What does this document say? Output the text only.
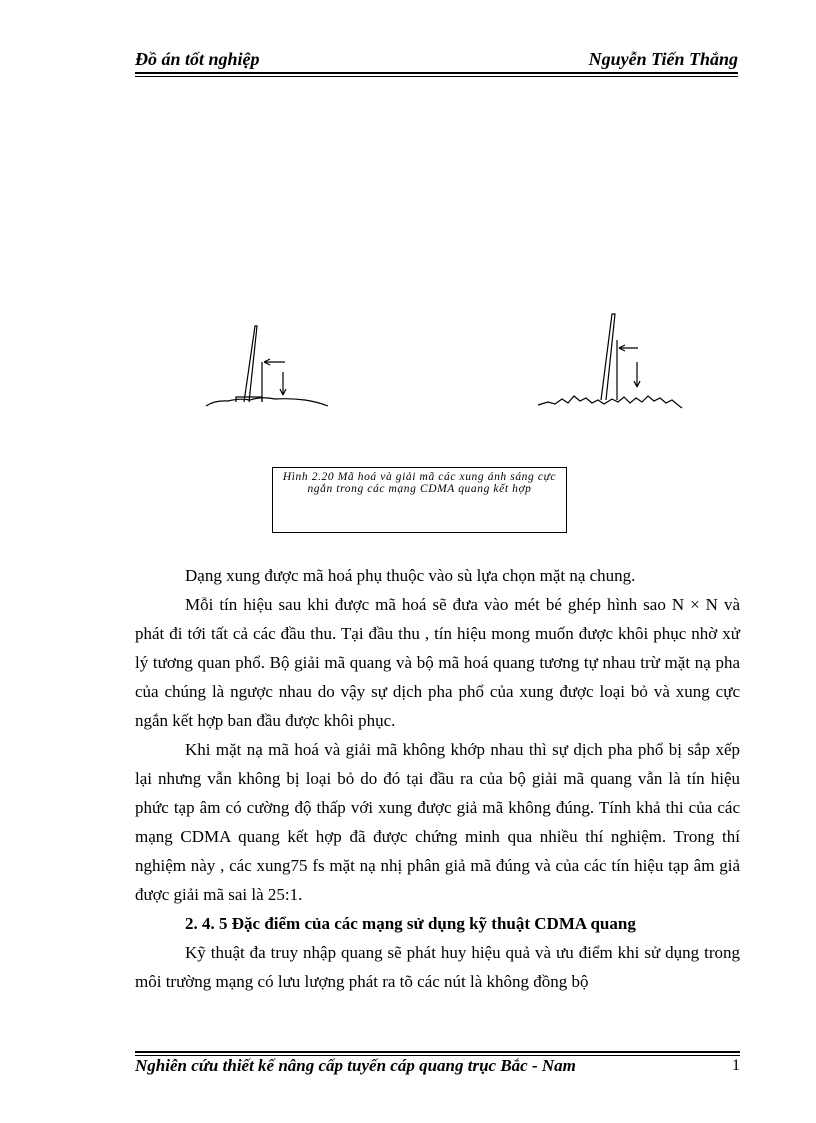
Đồ án tốt nghiệp	Nguyễn Tiến Thắng
Hình 2.20 Mã hoá và giải mã các xung ánh sáng cực ngắn trong các mạng CDMA quang kết hợp

Dạng xung được mã hoá phụ thuộc vào sù lựa chọn mặt nạ chung.

Mỗi tín hiệu sau khi được mã hoá sẽ đưa vào mét bé ghép hình sao N × N và phát đi tới tất cả các đầu thu. Tại đầu thu , tín hiệu mong muốn được khôi phục nhờ xử lý tương quan phổ. Bộ giải mã quang và bộ mã hoá quang tương tự nhau trừ mặt nạ pha của chúng là ngược nhau do vậy sự dịch pha phổ của xung được loại bỏ và xung cực ngắn kết hợp ban đầu được khôi phục.

Khi mặt nạ mã hoá và giải mã không khớp nhau thì sự dịch pha phổ bị sắp xếp lại nhưng vẫn không bị loại bỏ do đó tại đầu ra của bộ giải mã quang vẫn là tín hiệu phức tạp âm có cường độ thấp với xung được giả mã không đúng. Tính khả thi của các mạng CDMA quang kết hợp đã được chứng minh qua nhiều thí nghiệm. Trong thí nghiệm này , các xung75 fs mặt nạ nhị phân giả mã đúng và của các tín hiệu tạp âm giả được giải mã sai là 25:1.

2. 4. 5 Đặc điểm của các mạng sử dụng kỹ thuật CDMA quang

Kỹ thuật đa truy nhập quang sẽ phát huy hiệu quả và ưu điểm khi sử dụng trong môi trường mạng có lưu lượng phát ra tõ các nút là không đồng bộ

Nghiên cứu thiết kế nâng cấp tuyến cáp quang trục Bắc - Nam	1
